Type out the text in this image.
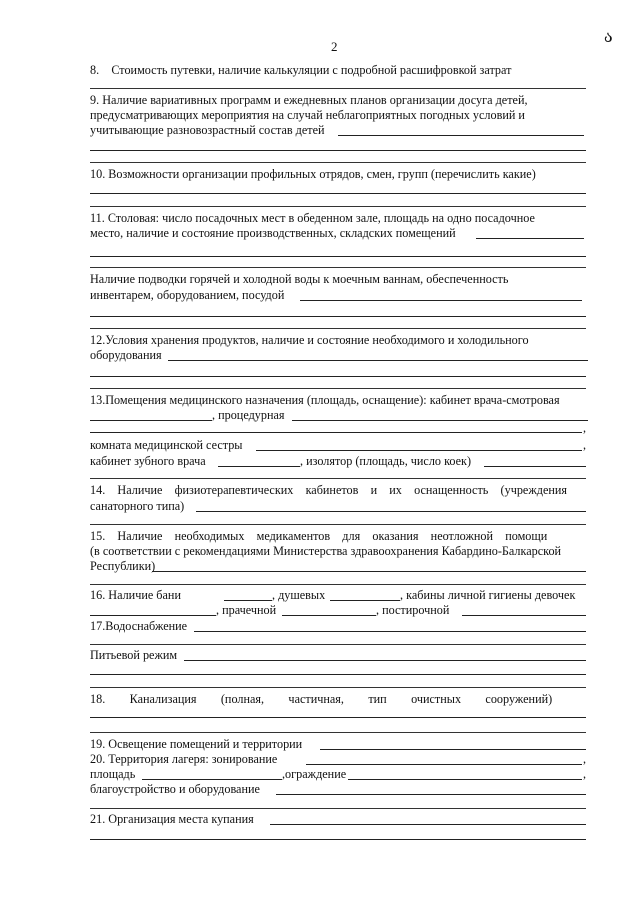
2
ა
8.    Стоимость путевки, наличие калькуляции с подробной расшифровкой затрат
9. Наличие вариативных программ и ежедневных планов организации досуга детей,
предусматривающих мероприятия на случай неблагоприятных погодных условий и
учитывающие разновозрастный состав детей
10. Возможности организации профильных отрядов, смен, групп (перечислить какие)
11. Столовая: число посадочных мест в обеденном зале, площадь на одно посадочное
место, наличие и состояние производственных, складских помещений
Наличие подводки горячей и холодной воды к моечным ваннам, обеспеченность
инвентарем, оборудованием, посудой
12.Условия хранения продуктов, наличие и состояние необходимого и холодильного
оборудования
13.Помещения медицинского назначения (площадь, оснащение): кабинет врача-смотровая
, процедурная
,
комната медицинской сестры	,
кабинет зубного врача	, изолятор (площадь, число коек)
14.    Наличие    физиотерапевтических    кабинетов    и    их    оснащенность    (учреждения
санаторного типа)
15.    Наличие    необходимых    медикаментов    для    оказания    неотложной    помощи
(в соответствии с рекомендациями Министерства здравоохранения Кабардино-Балкарской
Республики)
16. Наличие бани	, душевых	, кабины личной гигиены девочек
, прачечной	, постирочной
17.Водоснабжение
Питьевой режим
18.        Канализация        (полная,        частичная,        тип        очистных        сооружений)
19. Освещение помещений и территории
20. Территория лагеря: зонирование	,
площадь	,ограждение	,
благоустройство и оборудование
21. Организация места купания
